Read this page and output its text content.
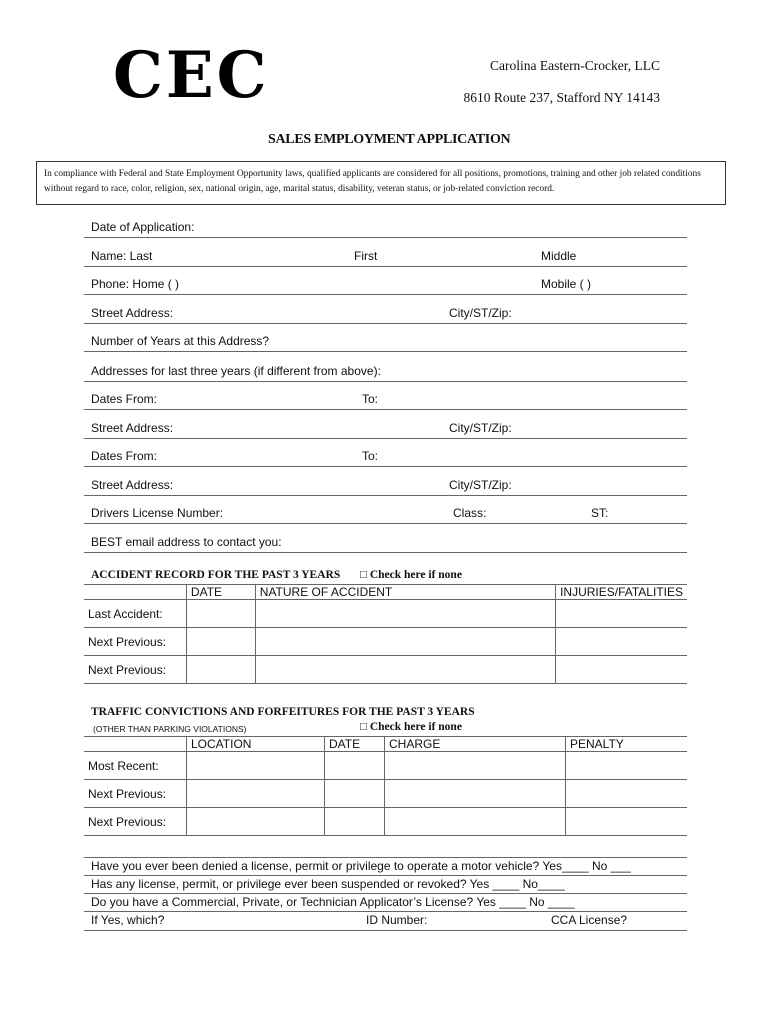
CEC	Carolina Eastern-Crocker, LLC
8610 Route 237, Stafford NY 14143
SALES EMPLOYMENT APPLICATION
In compliance with Federal and State Employment Opportunity laws, qualified applicants are considered for all positions, promotions, training and other job related conditions without regard to race, color, religion, sex, national origin, age, marital status, disability, veteran status, or job-related conviction record.
Date of Application:
Name: Last	First	Middle
Phone: Home ( )	Mobile ( )
Street Address:	City/ST/Zip:
Number of Years at this Address?
Addresses for last three years (if different from above):
Dates From:	To:
Street Address:	City/ST/Zip:
Dates From:	To:
Street Address:	City/ST/Zip:
Drivers License Number:	Class:	ST:
BEST email address to contact you:
ACCIDENT RECORD FOR THE PAST 3 YEARS □ Check here if none
	DATE	NATURE OF ACCIDENT	INJURIES/FATALITIES
Last Accident:			
Next Previous:			
Next Previous:			
TRAFFIC CONVICTIONS AND FORFEITURES FOR THE PAST 3 YEARS
(OTHER THAN PARKING VIOLATIONS)	□ Check here if none
	LOCATION	DATE	CHARGE	PENALTY
Most Recent:				
Next Previous:				
Next Previous:				
Have you ever been denied a license, permit or privilege to operate a motor vehicle? Yes____ No ___
Has any license, permit, or privilege ever been suspended or revoked? Yes ____ No____
Do you have a Commercial, Private, or Technician Applicator’s License? Yes ____ No ____
If Yes, which?	ID Number:	CCA License?
